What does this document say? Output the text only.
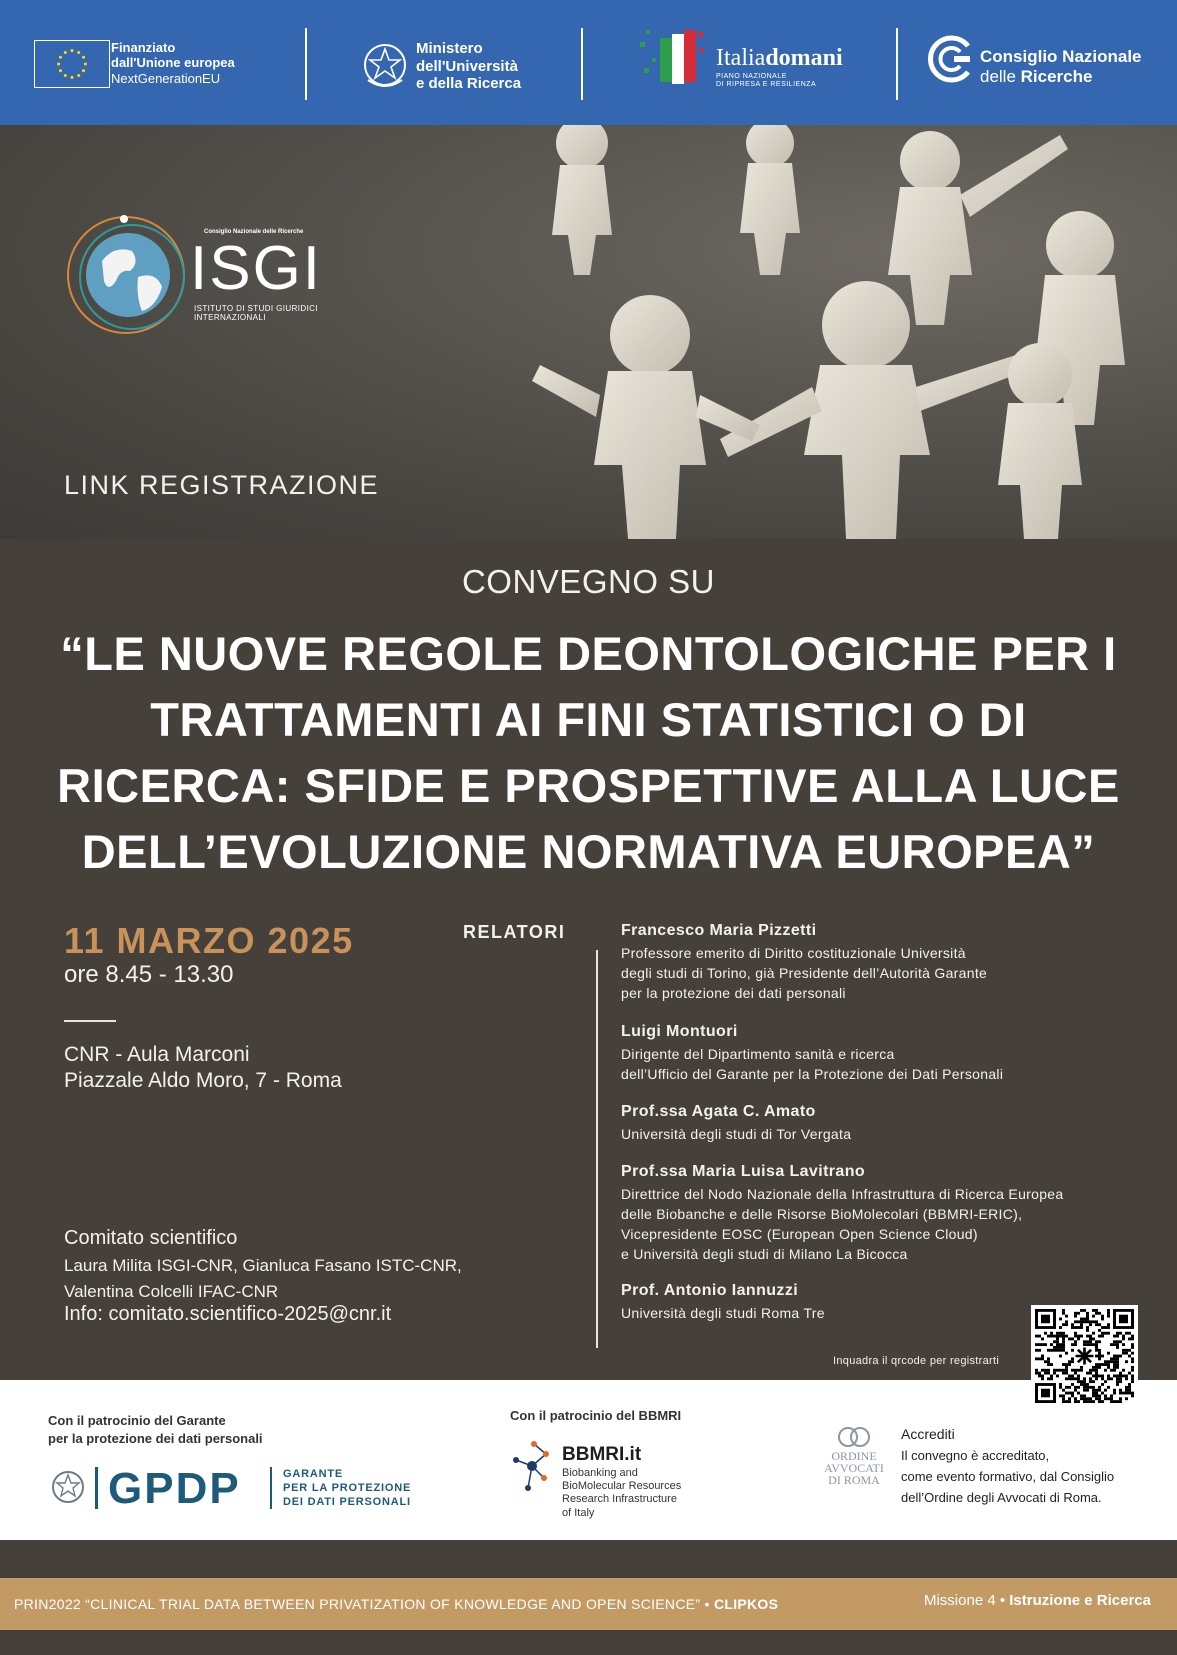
Finanziato
dall'Unione europea
NextGenerationEU
Ministero
dell'Università
e della Ricerca
Italiadomani
PIANO NAZIONALE
DI RIPRESA E RESILIENZA
Consiglio Nazionale
delle Ricerche
Consiglio Nazionale delle Ricerche
ISGI
ISTITUTO DI STUDI GIURIDICI
INTERNAZIONALI
LINK REGISTRAZIONE
CONVEGNO SU
“LE NUOVE REGOLE DEONTOLOGICHE PER I
TRATTAMENTI AI FINI STATISTICI O DI
RICERCA: SFIDE E PROSPETTIVE ALLA LUCE
DELL’EVOLUZIONE NORMATIVA EUROPEA”
11 MARZO 2025
ore 8.45 - 13.30
CNR - Aula Marconi
Piazzale Aldo Moro, 7 - Roma
Comitato scientifico
Laura Milita ISGI-CNR, Gianluca Fasano ISTC-CNR,
Valentina Colcelli IFAC-CNR
Info: comitato.scientifico-2025@cnr.it
RELATORI	Francesco Maria Pizzetti
Professore emerito di Diritto costituzionale Università
degli studi di Torino, già Presidente dell’Autorità Garante
per la protezione dei dati personali
Luigi Montuori
Dirigente del Dipartimento sanità e ricerca
dell’Ufficio del Garante per la Protezione dei Dati Personali
Prof.ssa Agata C. Amato
Università degli studi di Tor Vergata
Prof.ssa Maria Luisa Lavitrano
Direttrice del Nodo Nazionale della Infrastruttura di Ricerca Europea
delle Biobanche e delle Risorse BioMolecolari (BBMRI-ERIC),
Vicepresidente EOSC (European Open Science Cloud)
e Università degli studi di Milano La Bicocca
Prof. Antonio Iannuzzi
Università degli studi Roma Tre
Con il patrocinio del Garante
per la protezione dei dati personali
GPDP	GARANTE
PER LA PROTEZIONE
DEI DATI PERSONALI
Con il patrocinio del BBMRI
BBMRI.it
Biobanking and
BioMolecular Resources
Research Infrastructure
of Italy
ORDINE
AVVOCATI
DI ROMA
Accrediti
Il convegno è accreditato,
come evento formativo, dal Consiglio
dell’Ordine degli Avvocati di Roma.
Inquadra il qrcode per registrarti
PRIN2022 “CLINICAL TRIAL DATA BETWEEN PRIVATIZATION OF KNOWLEDGE AND OPEN SCIENCE” • CLIPKOS	Missione 4 • Istruzione e Ricerca
